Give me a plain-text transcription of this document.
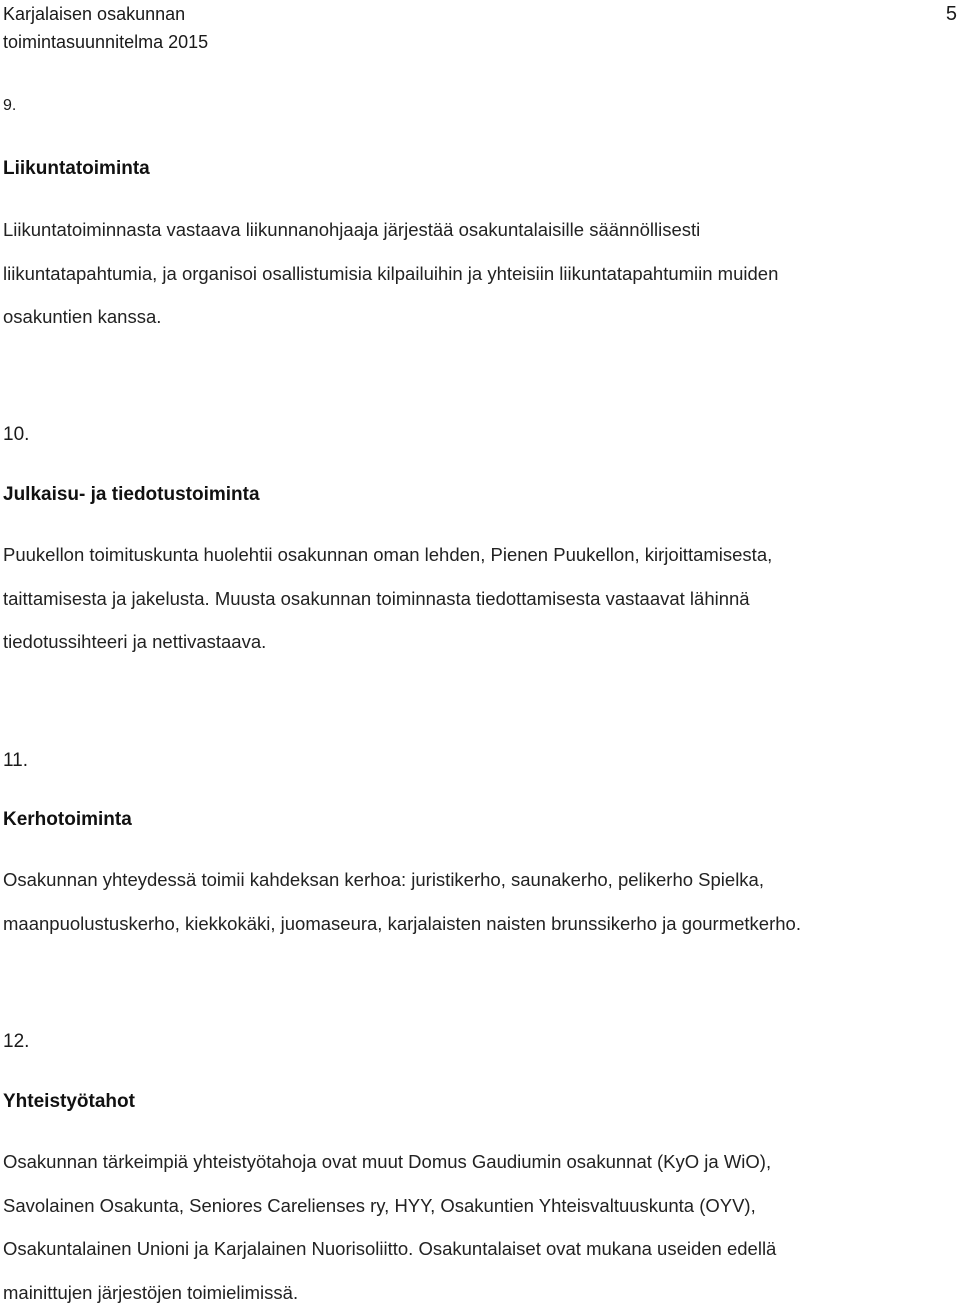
Karjalaisen osakunnan
toimintasuunnitelma 2015
5
9.
Liikuntatoiminta
Liikuntatoiminnasta vastaava liikunnanohjaaja järjestää osakuntalaisille säännöllisesti
liikuntatapahtumia, ja organisoi osallistumisia kilpailuihin ja yhteisiin liikuntatapahtumiin muiden
osakuntien kanssa.
10.
Julkaisu- ja tiedotustoiminta
Puukellon toimituskunta huolehtii osakunnan oman lehden, Pienen Puukellon, kirjoittamisesta,
taittamisesta ja jakelusta. Muusta osakunnan toiminnasta tiedottamisesta vastaavat lähinnä
tiedotussihteeri ja nettivastaava.
11.
Kerhotoiminta
Osakunnan yhteydessä toimii kahdeksan kerhoa: juristikerho, saunakerho, pelikerho Spielka,
maanpuolustuskerho, kiekkokäki, juomaseura, karjalaisten naisten brunssikerho ja gourmetkerho.
12.
Yhteistyötahot
Osakunnan tärkeimpiä yhteistyötahoja ovat muut Domus Gaudiumin osakunnat (KyO ja WiO),
Savolainen Osakunta, Seniores Carelienses ry, HYY, Osakuntien Yhteisvaltuuskunta (OYV),
Osakuntalainen Unioni ja Karjalainen Nuorisoliitto. Osakuntalaiset ovat mukana useiden edellä
mainittujen järjestöjen toimielimissä.
